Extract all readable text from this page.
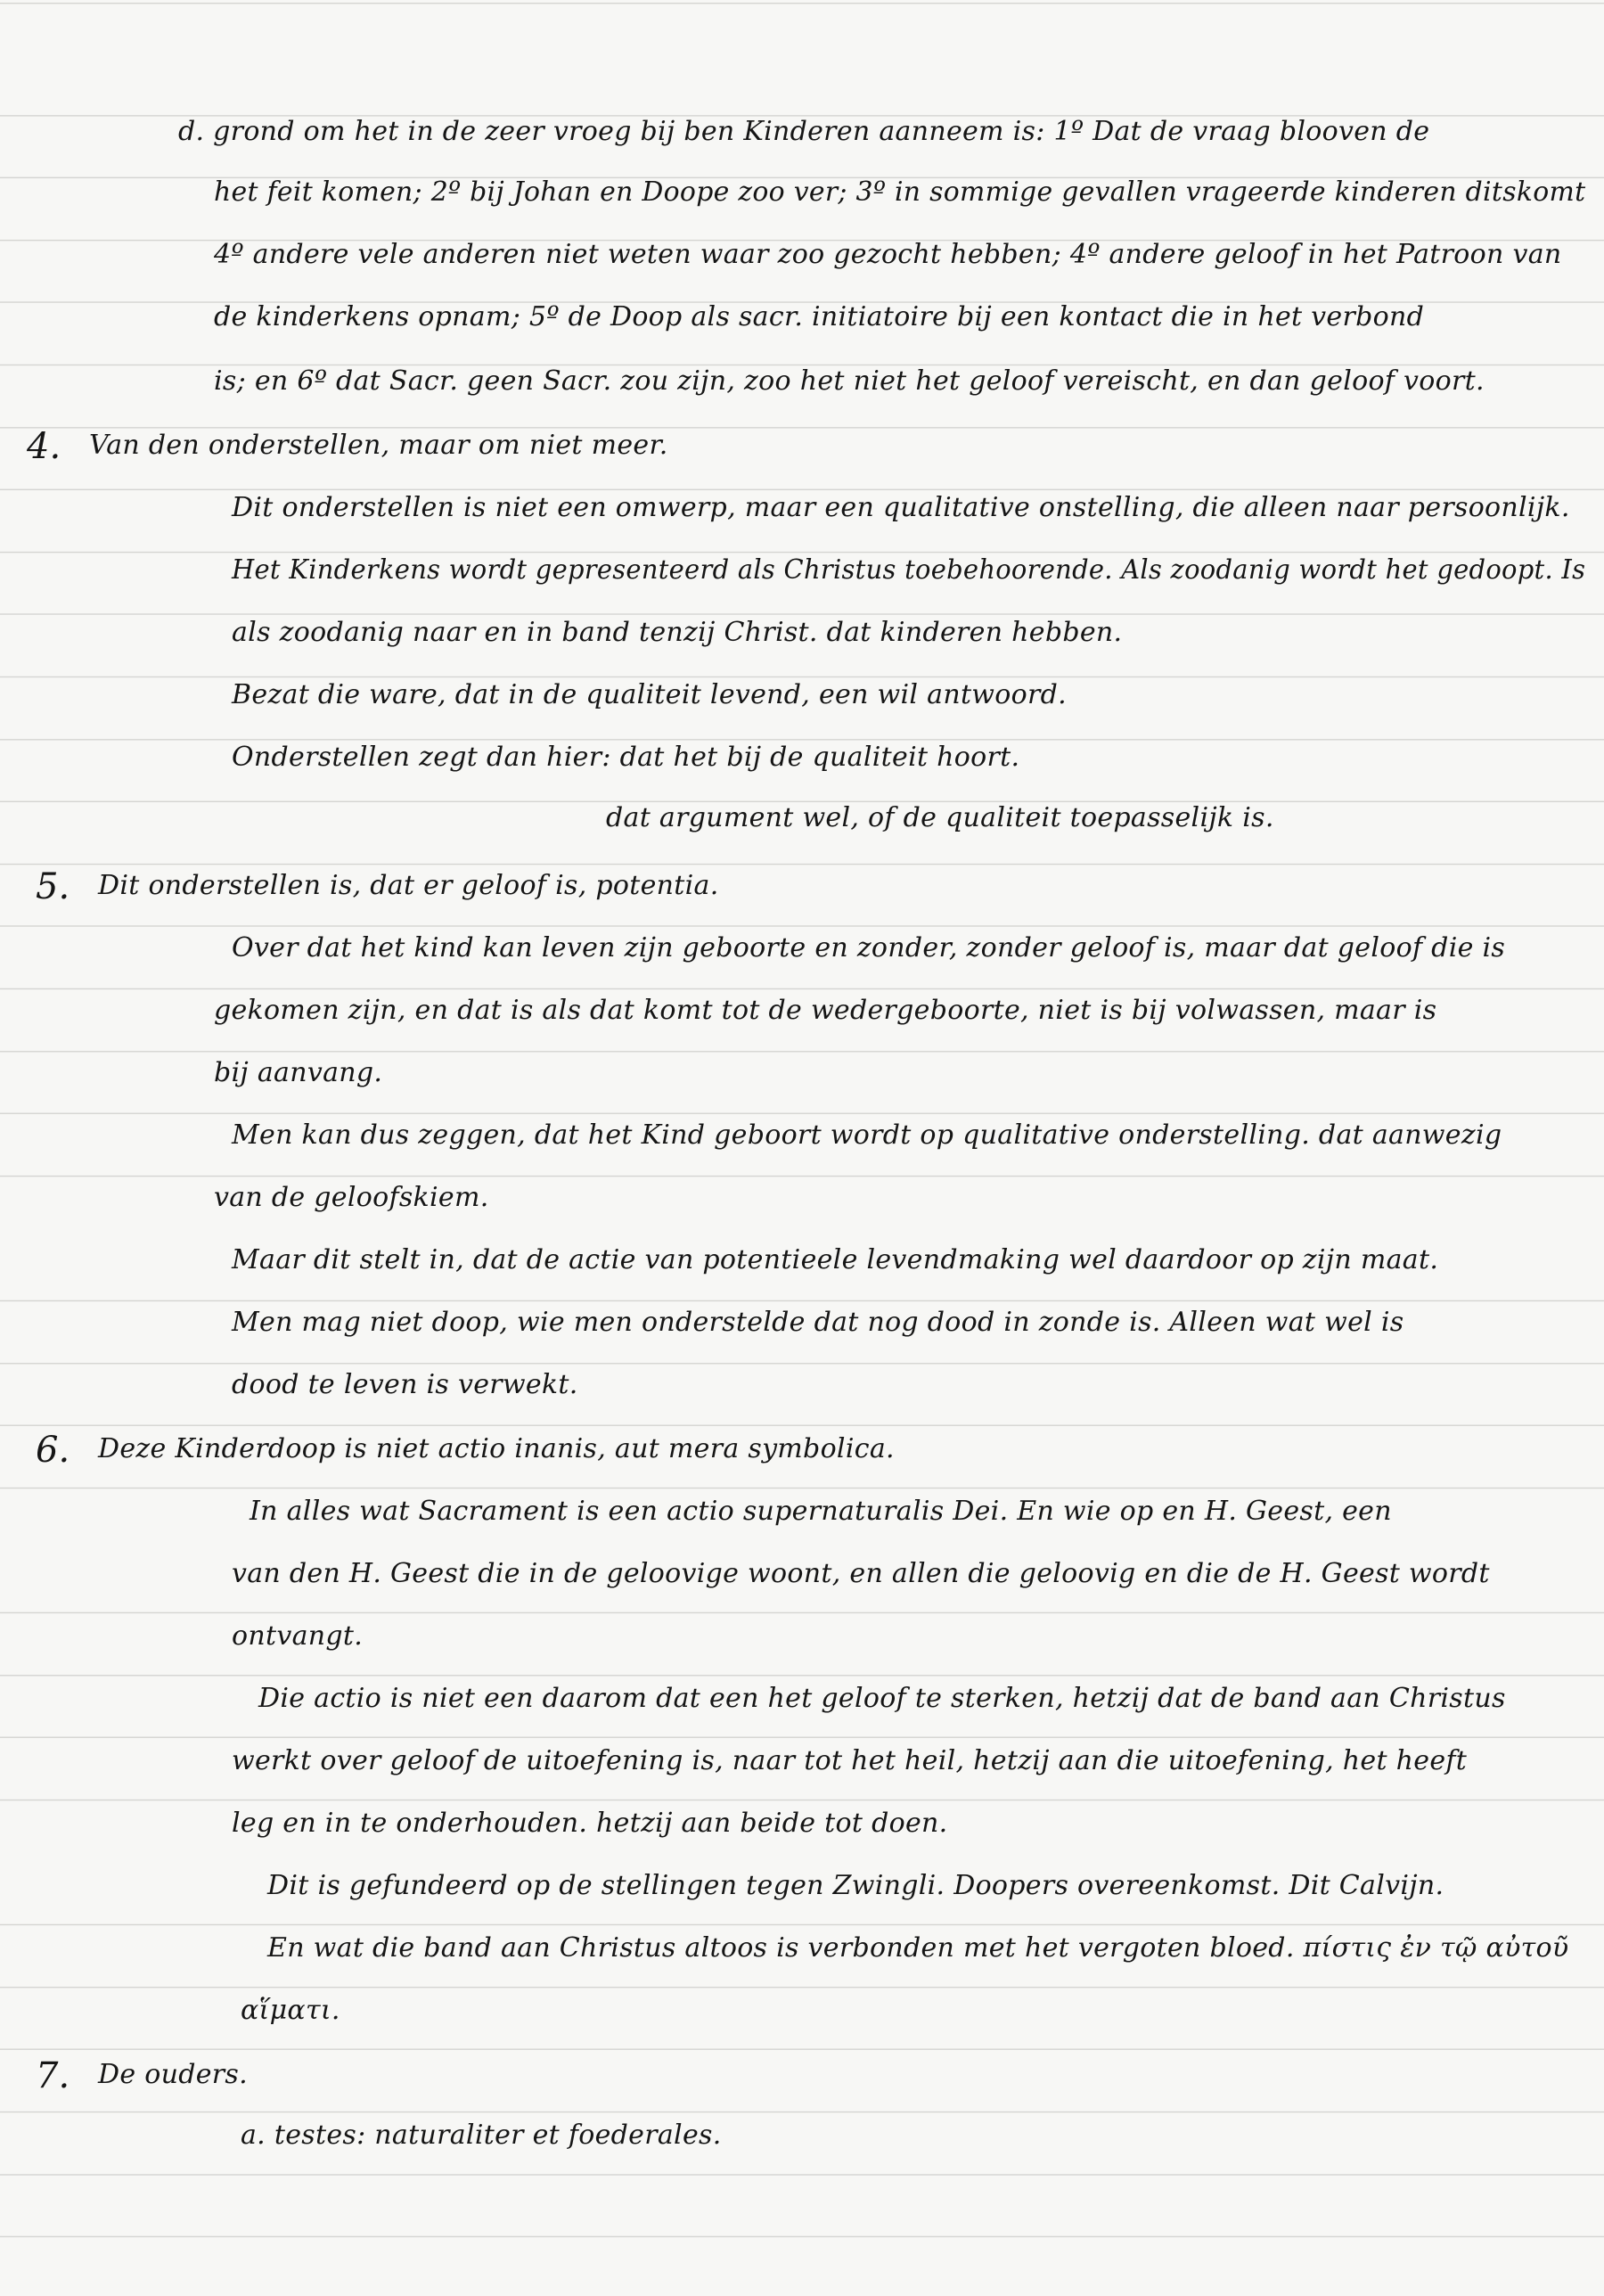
d. grond om het in de zeer vroeg bij ben Kinderen aanneem is: 1º Dat de vraag blooven de
het feit komen; 2º bij Johan en Doope zoo ver; 3º in sommige gevallen vrageerde kinderen ditskomt
4º andere vele anderen niet weten waar zoo gezocht hebben; 4º andere geloof in het Patroon van
de kinderkens opnam; 5º de Doop als sacr. initiatoire bij een kontact die in het verbond
is; en 6º dat Sacr. geen Sacr. zou zijn, zoo het niet het geloof vereischt, en dan geloof voort.
4. Van den onderstellen, maar om niet meer.
Dit onderstellen is niet een omwerp, maar een qualitative onstelling, die alleen naar persoonlijk.
Het Kinderkens wordt gepresenteerd als Christus toebehoorende. Als zoodanig wordt het gedoopt. Is
als zoodanig naar en in band tenzij Christ. dat kinderen hebben.
Bezat die ware, dat in de qualiteit levend, een wil antwoord.
Onderstellen zegt dan hier: dat het bij de qualiteit hoort.
dat argument wel, of de qualiteit toepasselijk is.
5. Dit onderstellen is, dat er geloof is, potentia.
Over dat het kind kan leven zijn geboorte en zonder, zonder geloof is, maar dat geloof die is
gekomen zijn, en dat is als dat komt tot de wedergeboorte, niet is bij volwassen, maar is
bij aanvang.
Men kan dus zeggen, dat het Kind geboort wordt op qualitative onderstelling. dat aanwezig
van de geloofskiem.
Maar dit stelt in, dat de actie van potentieele levendmaking wel daardoor op zijn maat.
Men mag niet doop, wie men onderstelde dat nog dood in zonde is. Alleen wat wel is
dood te leven is verwekt.
6. Deze Kinderdoop is niet actio inanis, aut mera symbolica.
In alles wat Sacrament is een actio supernaturalis Dei. En wie op en H. Geest, een
van den H. Geest die in de geloovige woont, en allen die geloovig en die de H. Geest wordt
ontvangt.
Die actio is niet een daarom dat een het geloof te sterken, hetzij dat de band aan Christus
werkt over geloof de uitoefening is, naar tot het heil, hetzij aan die uitoefening, het heeft
leg en in te onderhouden. hetzij aan beide tot doen.
Dit is gefundeerd op de stellingen tegen Zwingli. Doopers overeenkomst. Dit Calvijn.
En wat die band aan Christus altoos is verbonden met het vergoten bloed. πίστις ἐν τῷ αὐτοῦ
αἵματι.
7. De ouders.
a. testes: naturaliter et foederales.
